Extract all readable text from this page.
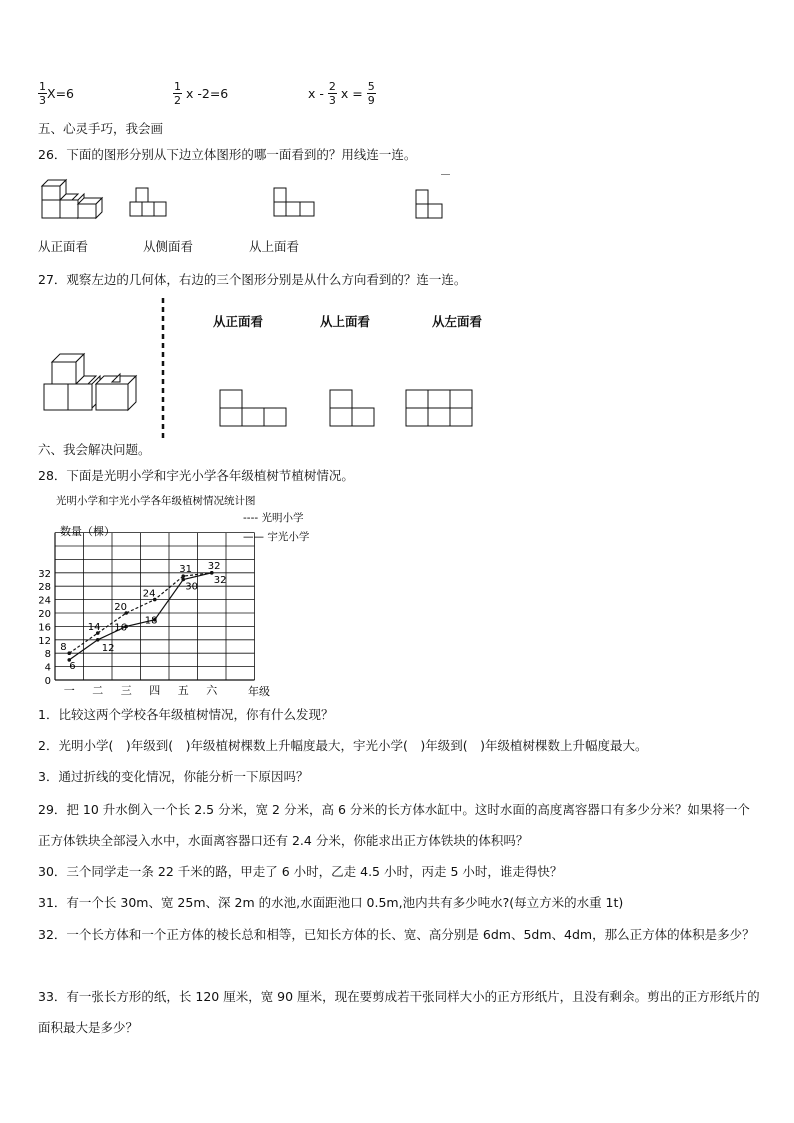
$\frac{1}{3} X=6$	$\frac{1}{2}$ x -2=6	x - $\frac{2}{3}$ $x = \frac{5}{9}$
五、心灵手巧，我会画
26．下面的图形分别从下边立体图形的哪一面看到的？用线连一连。
从正面看	从侧面看	从上面看
27．观察左边的几何体，右边的三个图形分别是从什么方向看到的？连一连。
从正面看	从上面看	从左面看
六、我会解决问题。
28．下面是光明小学和宇光小学各年级植树节植树情况。
光明小学和宇光小学各年级植树情况统计图
数量（棵）
---- 光明小学
—— 宇光小学
年级
0
4
8
12
16
20
24
28
32
一 二 三 四 五 六
8
14
20
24
31 32
6
12
16
18
30
32
1．比较这两个学校各年级植树情况，你有什么发现？
2．光明小学(　)年级到(　)年级植树棵数上升幅度最大，宇光小学(　)年级到(　)年级植树棵数上升幅度最大。
3．通过折线的变化情况，你能分析一下原因吗？
29．把 10 升水倒入一个长 2.5 分米，宽 2 分米，高 6 分米的长方体水缸中。这时水面的高度离容器口有多少分米？如果将一个正方体铁块全部浸入水中，水面离容器口还有 2.4 分米，你能求出正方体铁块的体积吗？
30．三个同学走一条 22 千米的路，甲走了 6 小时，乙走 4.5 小时，丙走 5 小时，谁走得快？
31．有一个长 30m、宽 25m、深 2m 的水池,水面距池口 0.5m,池内共有多少吨水?(每立方米的水重 1t)
32．一个长方体和一个正方体的棱长总和相等，已知长方体的长、宽、高分别是 6dm、5dm、4dm，那么正方体的体积是多少？
33．有一张长方形的纸，长 120 厘米，宽 90 厘米，现在要剪成若干张同样大小的正方形纸片，且没有剩余。剪出的正方形纸片的面积最大是多少？
